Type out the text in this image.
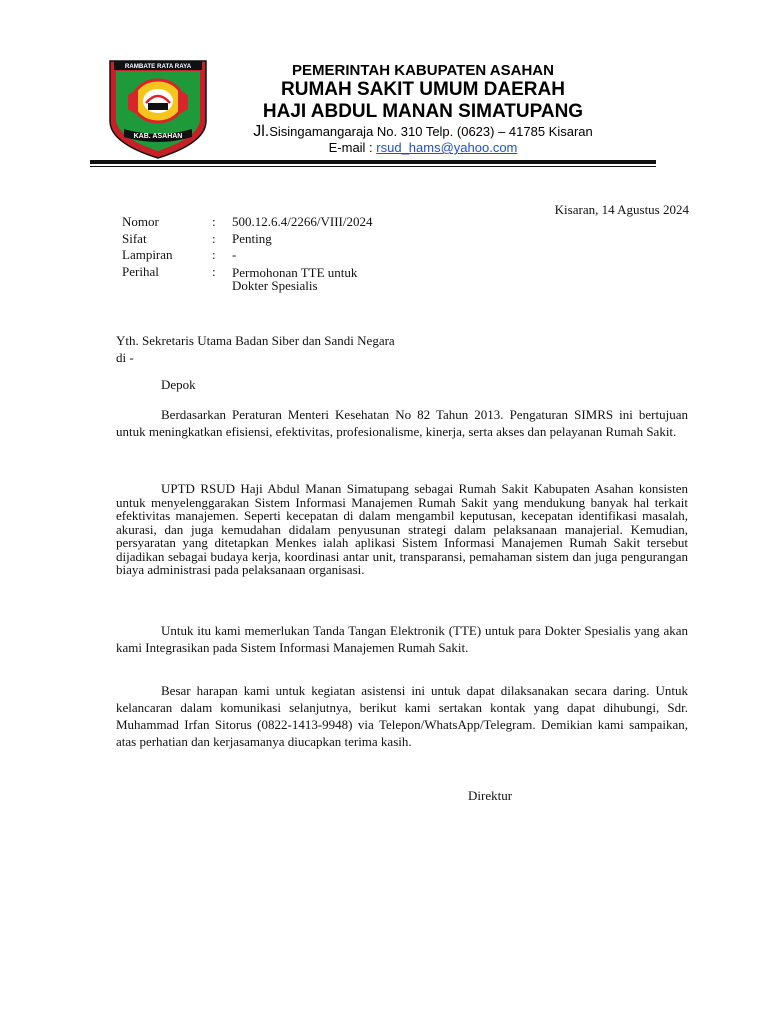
RAMBATE RATA RAYA
KAB. ASAHAN
PEMERINTAH KABUPATEN ASAHAN
RUMAH SAKIT UMUM DAERAH
HAJI ABDUL MANAN SIMATUPANG
Jl.Sisingamangaraja No. 310 Telp. (0623) – 41785 Kisaran
E-mail : rsud_hams@yahoo.com
Kisaran, 14 Agustus 2024
Nomor	:	500.12.6.4/2266/VIII/2024
Sifat	:	Penting
Lampiran	:	-
Perihal	:	Permohonan TTE untuk Dokter Spesialis
Yth. Sekretaris Utama Badan Siber dan Sandi Negara di -
Depok
Berdasarkan Peraturan Menteri Kesehatan No 82 Tahun 2013. Pengaturan SIMRS ini bertujuan untuk meningkatkan efisiensi, efektivitas, profesionalisme, kinerja, serta akses dan pelayanan Rumah Sakit.
UPTD RSUD Haji Abdul Manan Simatupang sebagai Rumah Sakit Kabupaten Asahan konsisten untuk menyelenggarakan Sistem Informasi Manajemen Rumah Sakit yang mendukung banyak hal terkait efektivitas manajemen. Seperti kecepatan di dalam mengambil keputusan, kecepatan identifikasi masalah, akurasi, dan juga kemudahan didalam penyusunan strategi dalam pelaksanaan manajerial. Kemudian, persyaratan yang ditetapkan Menkes ialah aplikasi Sistem Informasi Manajemen Rumah Sakit tersebut dijadikan sebagai budaya kerja, koordinasi antar unit, transparansi, pemahaman sistem dan juga pengurangan biaya administrasi pada pelaksanaan organisasi.
Untuk itu kami memerlukan Tanda Tangan Elektronik (TTE) untuk para Dokter Spesialis yang akan kami Integrasikan pada Sistem Informasi Manajemen Rumah Sakit.
Besar harapan kami untuk kegiatan asistensi ini untuk dapat dilaksanakan secara daring. Untuk kelancaran dalam komunikasi selanjutnya, berikut kami sertakan kontak yang dapat dihubungi, Sdr. Muhammad Irfan Sitorus (0822-1413-9948) via Telepon/WhatsApp/Telegram. Demikian kami sampaikan, atas perhatian dan kerjasamanya diucapkan terima kasih.
Direktur
